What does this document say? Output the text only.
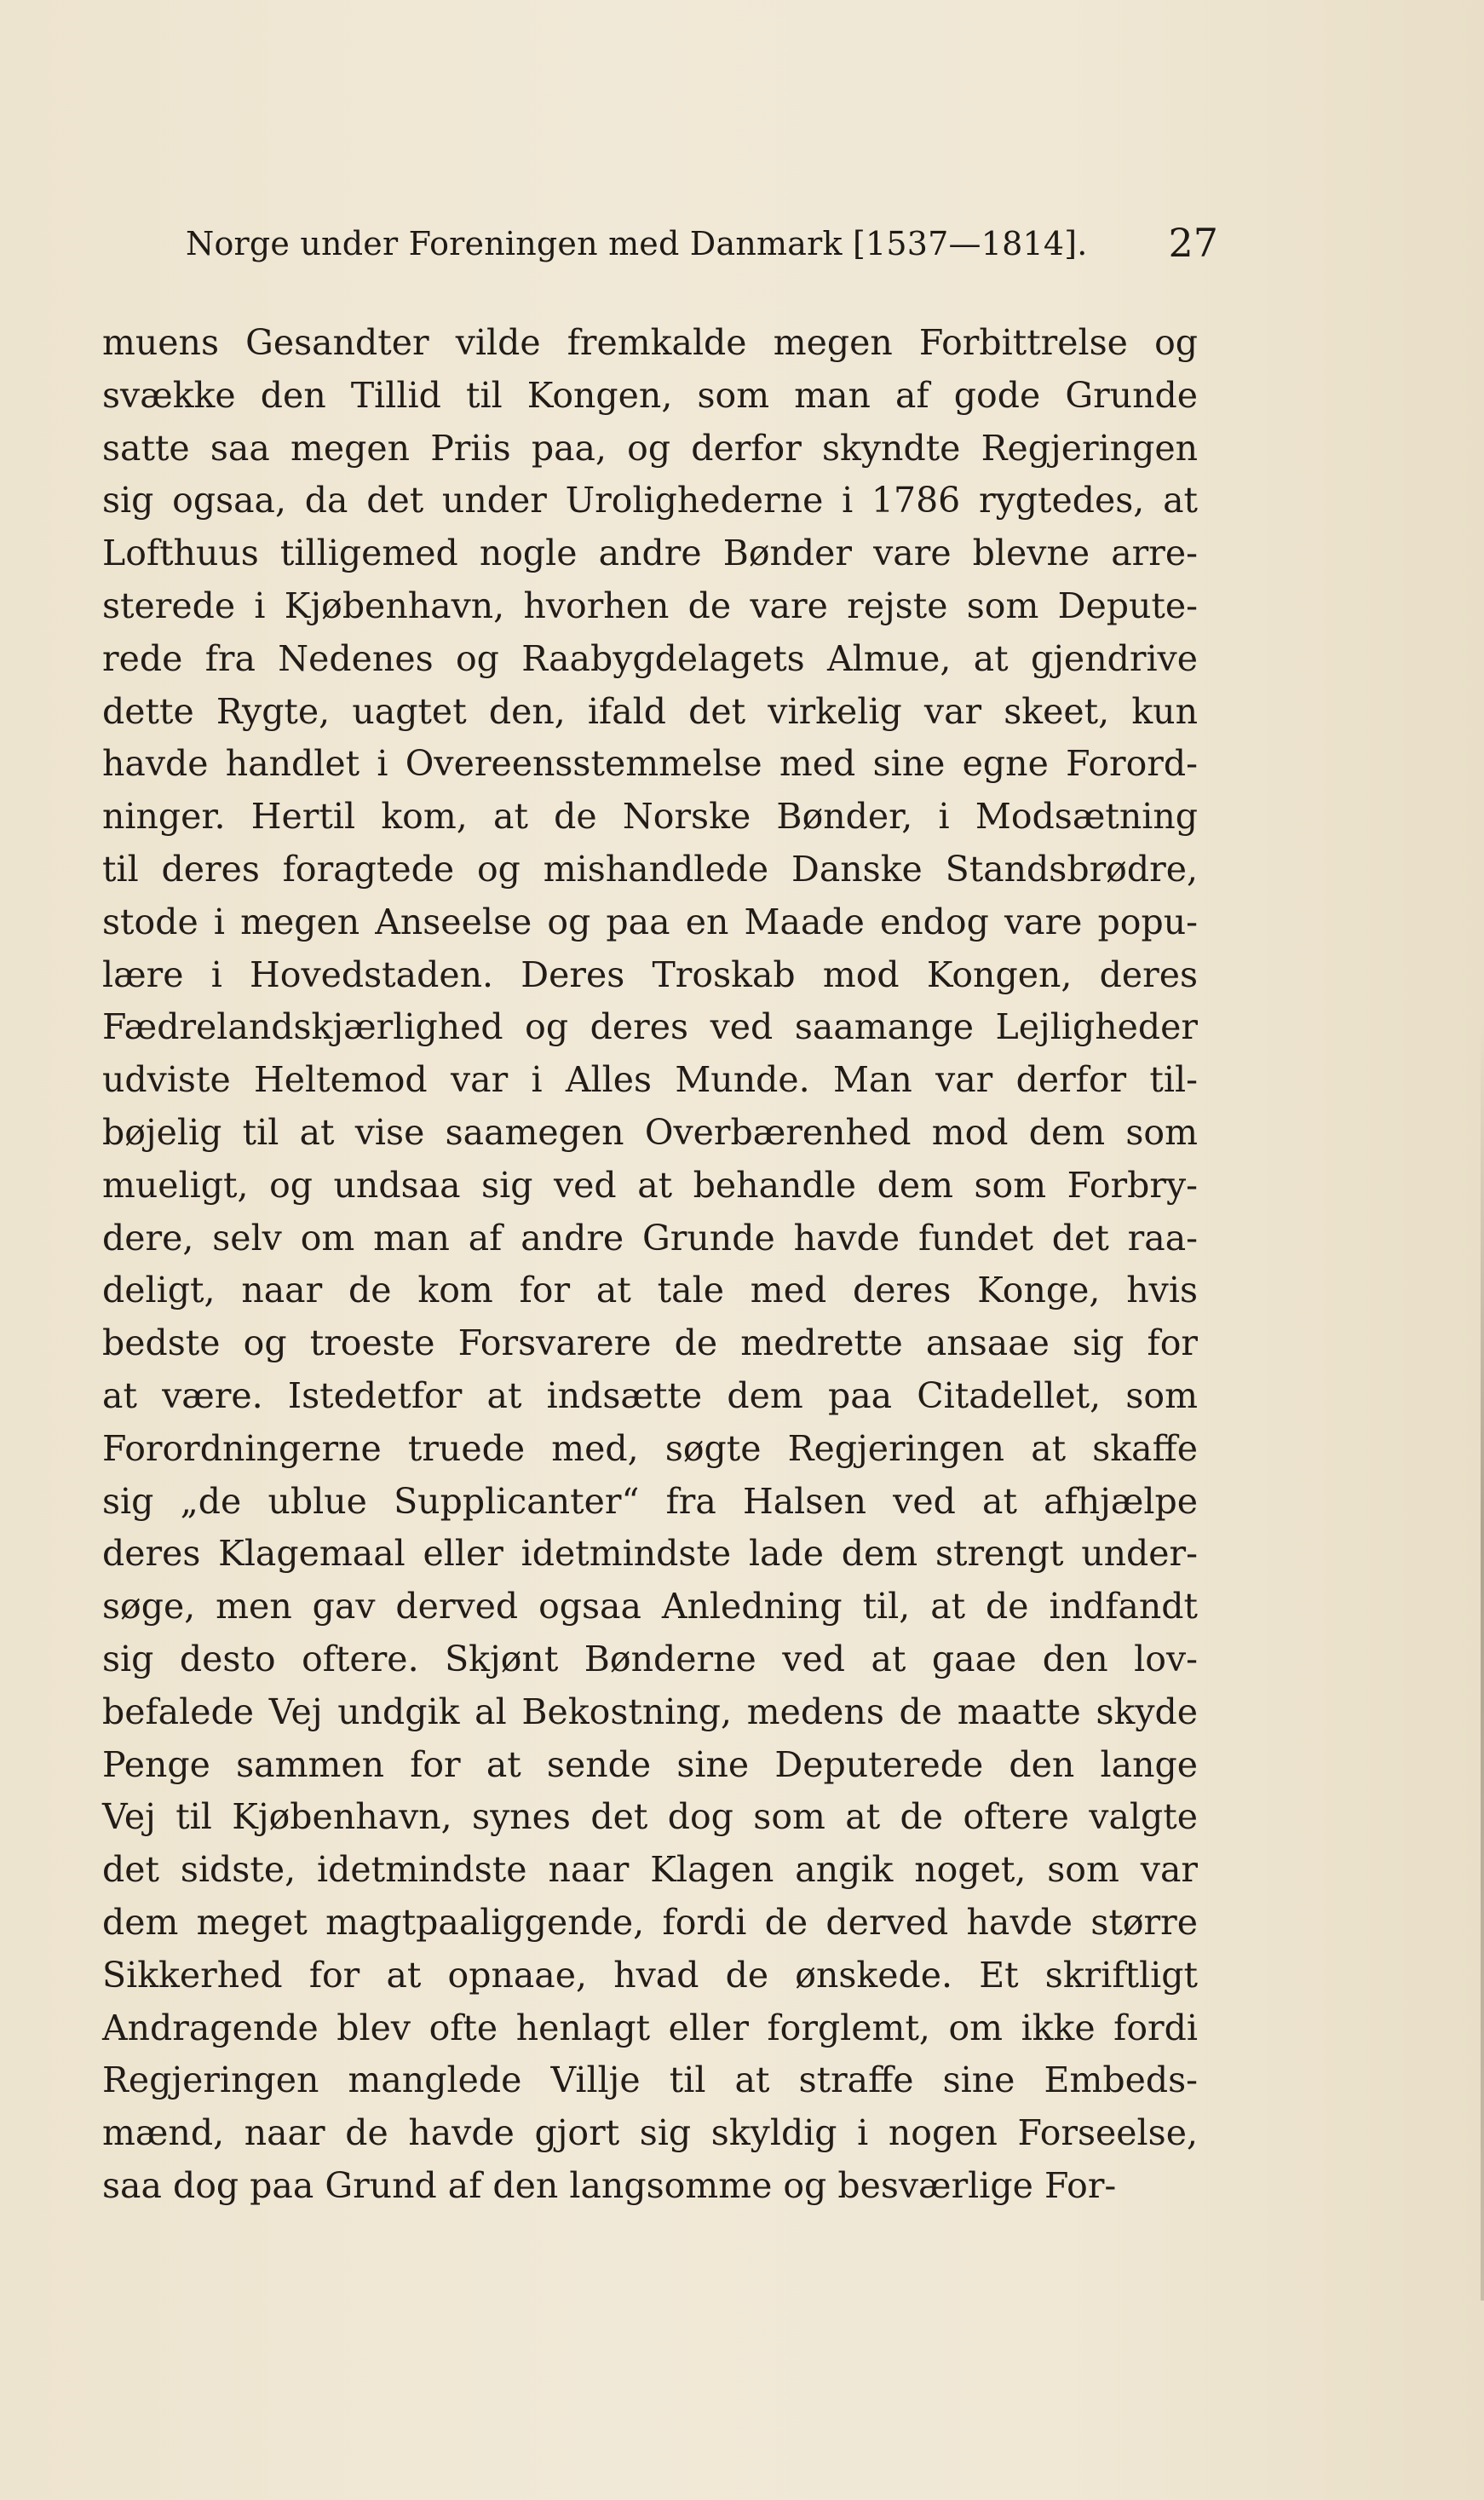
Norge under Foreningen med Danmark [1537—1814]. 27
muens Gesandter vilde fremkalde megen Forbittrelse og
svække den Tillid til Kongen, som man af gode Grunde
satte saa megen Priis paa, og derfor skyndte Regjeringen
sig ogsaa, da det under Urolighederne i 1786 rygtedes, at
Lofthuus tilligemed nogle andre Bønder vare blevne arre-
sterede i Kjøbenhavn, hvorhen de vare rejste som Depute-
rede fra Nedenes og Raabygdelagets Almue, at gjendrive
dette Rygte, uagtet den, ifald det virkelig var skeet, kun
havde handlet i Overeensstemmelse med sine egne Forord-
ninger. Hertil kom, at de Norske Bønder, i Modsætning
til deres foragtede og mishandlede Danske Standsbrødre,
stode i megen Anseelse og paa en Maade endog vare popu-
lære i Hovedstaden. Deres Troskab mod Kongen, deres
Fædrelandskjærlighed og deres ved saamange Lejligheder
udviste Heltemod var i Alles Munde. Man var derfor til-
bøjelig til at vise saamegen Overbærenhed mod dem som
mueligt, og undsaa sig ved at behandle dem som Forbry-
dere, selv om man af andre Grunde havde fundet det raa-
deligt, naar de kom for at tale med deres Konge, hvis
bedste og troeste Forsvarere de medrette ansaae sig for
at være. Istedetfor at indsætte dem paa Citadellet, som
Forordningerne truede med, søgte Regjeringen at skaffe
sig „de ublue Supplicanter“ fra Halsen ved at afhjælpe
deres Klagemaal eller idetmindste lade dem strengt under-
søge, men gav derved ogsaa Anledning til, at de indfandt
sig desto oftere. Skjønt Bønderne ved at gaae den lov-
befalede Vej undgik al Bekostning, medens de maatte skyde
Penge sammen for at sende sine Deputerede den lange
Vej til Kjøbenhavn, synes det dog som at de oftere valgte
det sidste, idetmindste naar Klagen angik noget, som var
dem meget magtpaaliggende, fordi de derved havde større
Sikkerhed for at opnaae, hvad de ønskede. Et skriftligt
Andragende blev ofte henlagt eller forglemt, om ikke fordi
Regjeringen manglede Villje til at straffe sine Embeds-
mænd, naar de havde gjort sig skyldig i nogen Forseelse,
saa dog paa Grund af den langsomme og besværlige For-
